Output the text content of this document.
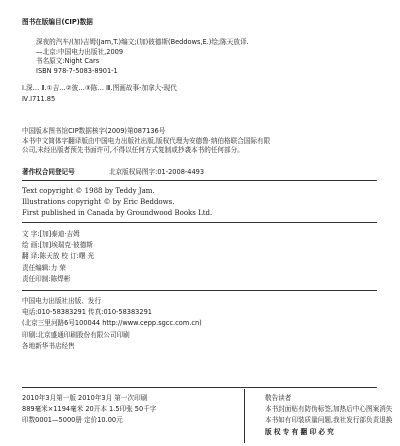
图书在版编目(CIP)数据
深夜的汽车/(加)吉姆(Jam,T.)编文;(加)彼德斯(Beddows,E.)绘;陈天放译.
—北京:中国电力出版社,2009
书名原文:Night Cars
ISBN 978-7-5083-8901-1
Ⅰ.深… Ⅱ.①吉…②彼…③陈… Ⅲ.图画故事-加拿大-现代
Ⅳ.I711.85
中国版本图书馆CIP数据核字(2009)第087136号
本书中文简体字翻译版由中国电力出版社出版,版权代理为安德鲁·纳伯格联合国际有限
公司,未经出版者预先书面许可,不得以任何方式复制或抄袭本书的任何部分。
著作权合同登记号	北京版权局图字:01-2008-4493
Text copyright © 1988 by Teddy Jam.
Illustrations copyright © by Eric Beddows.
First published in Canada by Groundwood Books Ltd.
文 字:[加]泰迪·吉姆
绘 画:[加]埃瑞克·彼德斯
翻 译:陈天放 校 订:曙 光
责任编辑:力 荣
责任印制:陈焊彬
中国电力出版社出版、发行
电话:010-58383291 传真:010-58383291
(北京三里河路6号100044 http://www.cepp.sgcc.com.cn)
印刷:北京盛通印刷股份有限公司印刷
各地新华书店经售
2010年3月第一版 2010年3月 第一次印刷
889毫米×1194毫米 20开本 1.5印张 50千字
印数0001—5000册 定价10.00元
敬告读者
本书封面贴有防伪标签,加热后中心图案消失
本书如有印装质量问题,我社发行部负责退换
版 权 专 有 翻 印 必 究
